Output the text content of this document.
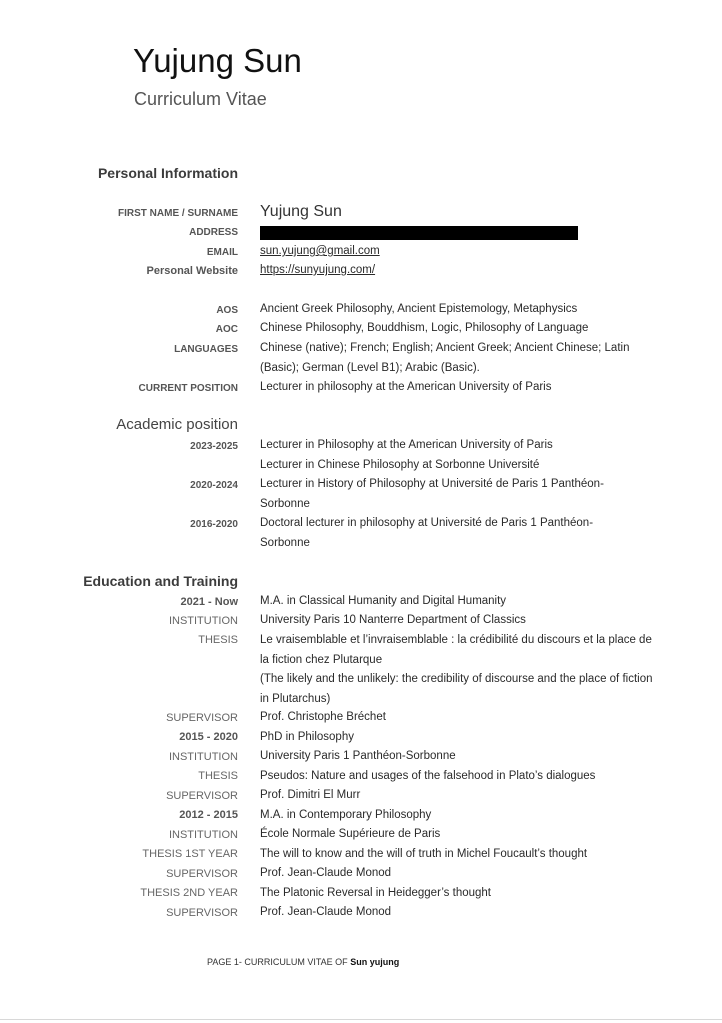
Yujung Sun
Curriculum Vitae
Personal Information
FIRST NAME / SURNAME Yujung Sun
ADDRESS
EMAIL sun.yujung@gmail.com
Personal Website https://sunyujung.com/
AOS Ancient Greek Philosophy, Ancient Epistemology, Metaphysics
AOC Chinese Philosophy, Bouddhism, Logic, Philosophy of Language
LANGUAGES Chinese (native); French; English; Ancient Greek; Ancient Chinese; Latin (Basic); German (Level B1); Arabic (Basic).
CURRENT POSITION Lecturer in philosophy at the American University of Paris
Academic position
2023-2025 Lecturer in Philosophy at the American University of Paris
Lecturer in Chinese Philosophy at Sorbonne Université
2020-2024 Lecturer in History of Philosophy at Université de Paris 1 Panthéon-Sorbonne
2016-2020 Doctoral lecturer in philosophy at Université de Paris 1 Panthéon-Sorbonne
Education and Training
2021 - Now M.A. in Classical Humanity and Digital Humanity
INSTITUTION University Paris 10 Nanterre Department of Classics
THESIS Le vraisemblable et l’invraisemblable : la crédibilité du discours et la place de la fiction chez Plutarque
(The likely and the unlikely: the credibility of discourse and the place of fiction in Plutarchus)
SUPERVISOR Prof. Christophe Bréchet
2015 - 2020 PhD in Philosophy
INSTITUTION University Paris 1 Panthéon-Sorbonne
THESIS Pseudos: Nature and usages of the falsehood in Plato’s dialogues
SUPERVISOR Prof. Dimitri El Murr
2012 - 2015 M.A. in Contemporary Philosophy
INSTITUTION École Normale Supérieure de Paris
THESIS 1ST YEAR The will to know and the will of truth in Michel Foucault’s thought
SUPERVISOR Prof. Jean-Claude Monod
THESIS 2ND YEAR The Platonic Reversal in Heidegger’s thought
SUPERVISOR Prof. Jean-Claude Monod
PAGE 1- CURRICULUM VITAE OF Sun yujung
